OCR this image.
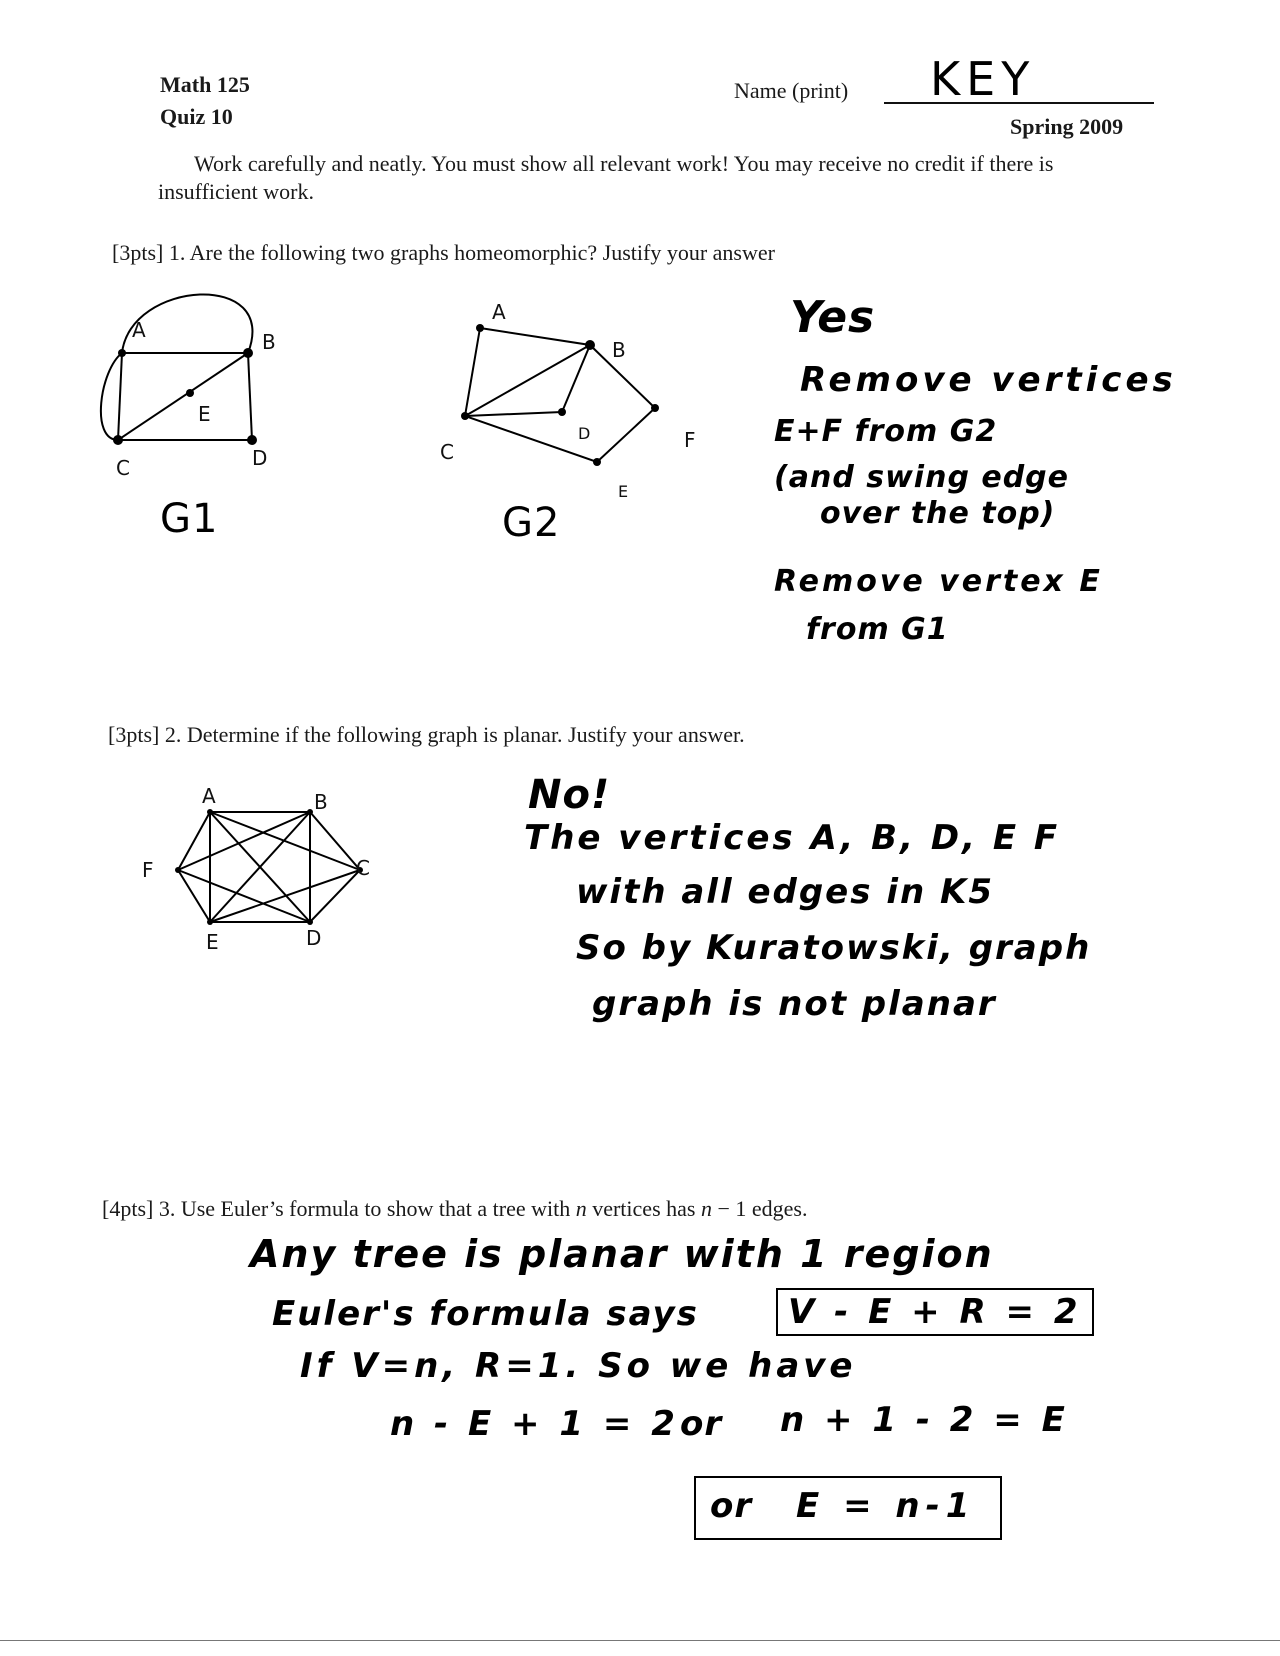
Math 125
Quiz 10
Name (print) KEY
Spring 2009
Work carefully and neatly. You must show all relevant work! You may receive no credit if there is insufficient work.
[3pts] 1. Are the following two graphs homeomorphic? Justify your answer
A	B
E
C	D
G1
A
B
C
D	F
E
G2
Yes
Remove vertices
E+F from G2
(and swing edge
over the top)
Remove vertex E
from G1
[3pts] 2. Determine if the following graph is planar. Justify your answer.
A	B
C
D
E
F
No!
The vertices A, B, D, E F
with all edges in K5
So by Kuratowski, graph
graph is not planar
[4pts] 3. Use Euler’s formula to show that a tree with n vertices has n − 1 edges.
Any tree is planar with 1 region
Euler's formula says	V - E + R = 2
If V=n, R=1. So we have
n - E + 1 = 2 or n + 1 - 2 = E
or E = n-1
